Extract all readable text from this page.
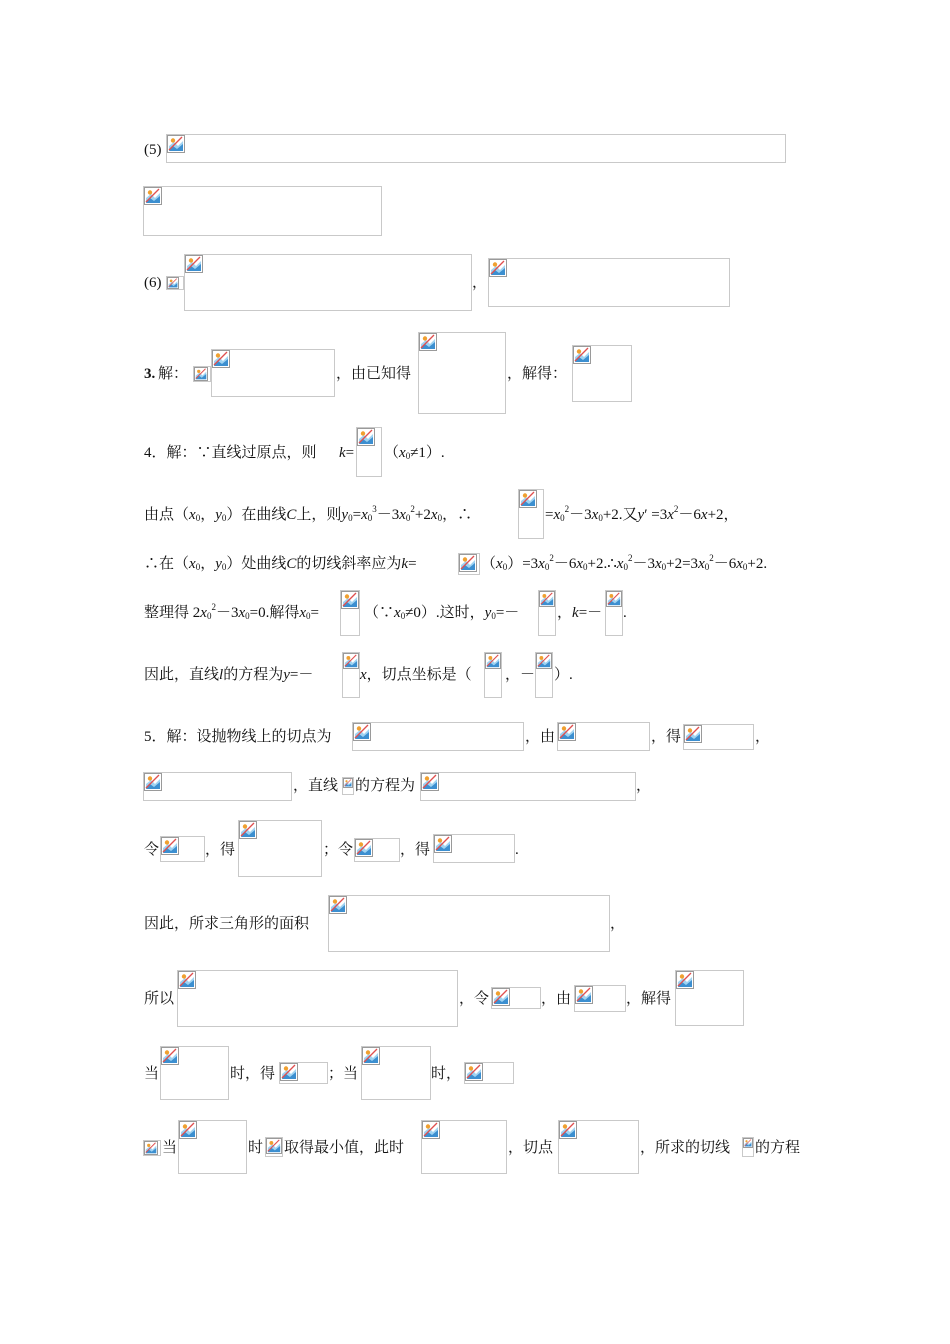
(5)
(6)	，
3. 解：	，由已知得	，解得：
4．解：∵直线过原点，则 $k= (x_0\ne 1)$.
由点（$x_0$，$y_0$）在曲线C上，则$y_0=x_0^3-3x_0^2+2x_0$，∴	$=x_0^2-3x_0+2$.又$y' =3x^2-6x+2$，
∴在（$x_0$，$y_0$）处曲线C的切线斜率应为k=	$(x_0)=3x_0^2-6x_0+2.\therefore x_0^2-3x_0+2=3x_0^2-6x_0+2$.
整理得 $2x_0^2-3x_0=0$.解得$x_0=$	$(\because x_0\ne 0)$.这时，$y_0=-$	，k=－ .
因此，直线l的方程为y=－	x，切点坐标是（ ，－ ）.
5．解：设抛物线上的切点为	，由	，得	，
，直线 的方程为	，
令	，得	；令	，得	.
因此，所求三角形的面积	，
所以	，令	，由	，解得
当	时，得	；当	时，
当	时 取得最小值，此时	，切点	，所求的切线 的方程
